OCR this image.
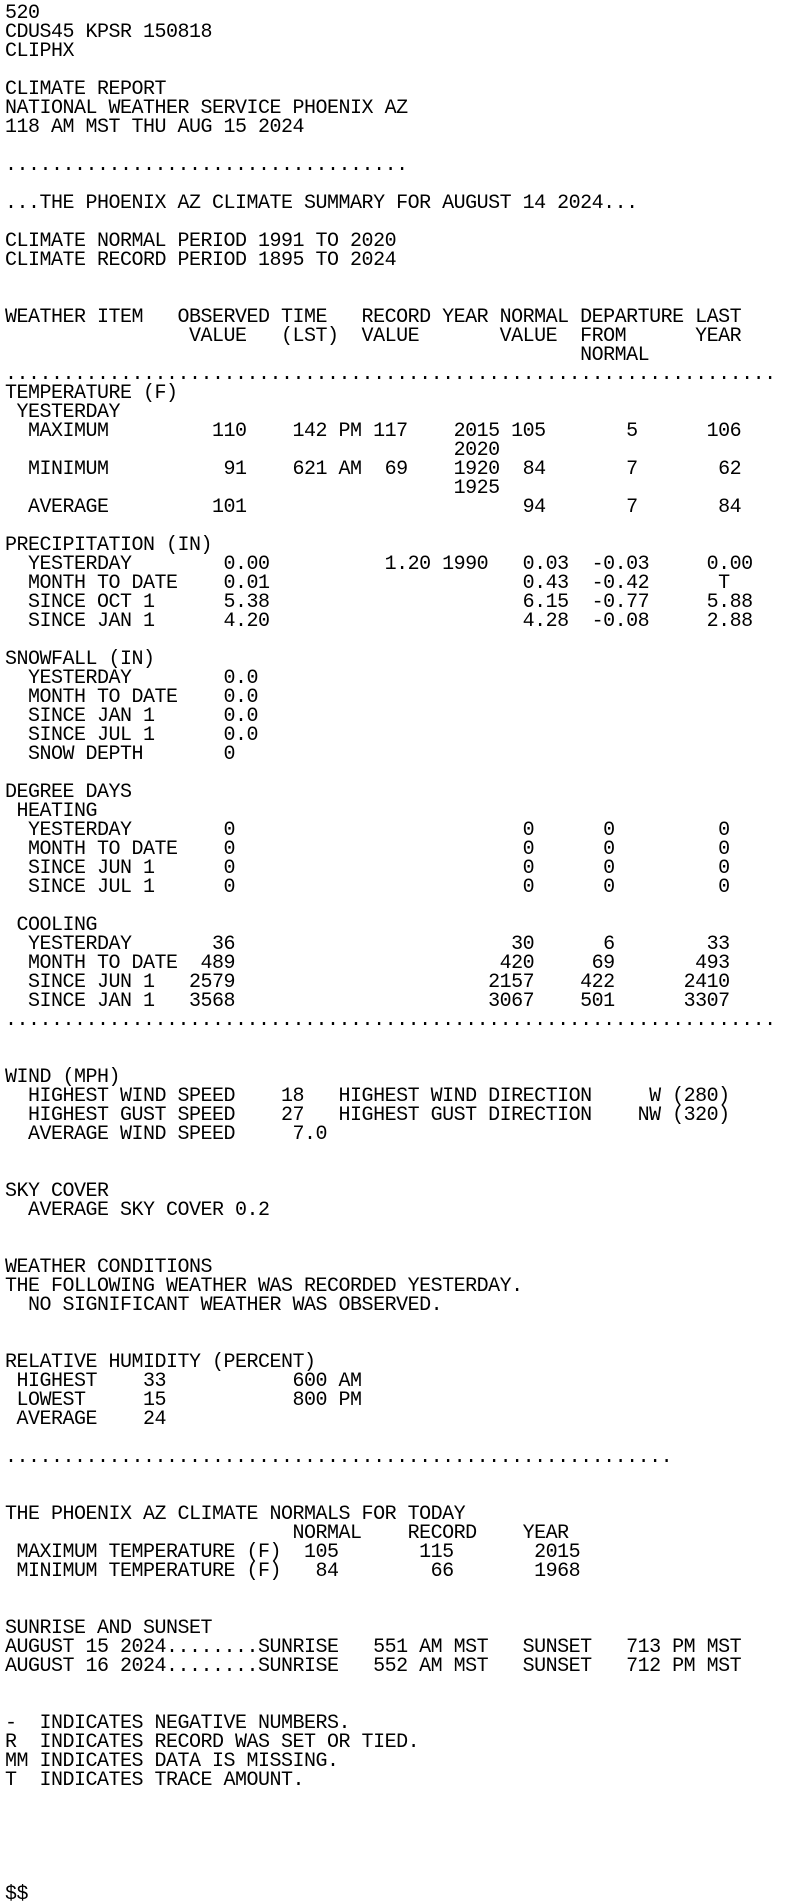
520
CDUS45 KPSR 150818
CLIPHX
CLIMATE REPORT
NATIONAL WEATHER SERVICE PHOENIX AZ
118 AM MST THU AUG 15 2024
...................................
...THE PHOENIX AZ CLIMATE SUMMARY FOR AUGUST 14 2024...
CLIMATE NORMAL PERIOD 1991 TO 2020
CLIMATE RECORD PERIOD 1895 TO 2024
WEATHER ITEM   OBSERVED TIME   RECORD YEAR NORMAL DEPARTURE LAST
VALUE   (LST)  VALUE       VALUE  FROM      YEAR
NORMAL
...................................................................
TEMPERATURE (F)
YESTERDAY
MAXIMUM         110    142 PM 117    2015 105       5      106
2020
MINIMUM          91    621 AM  69    1920  84       7       62
1925
AVERAGE         101                        94       7       84
PRECIPITATION (IN)
YESTERDAY        0.00          1.20 1990   0.03  -0.03     0.00
MONTH TO DATE    0.01                      0.43  -0.42      T
SINCE OCT 1      5.38                      6.15  -0.77     5.88
SINCE JAN 1      4.20                      4.28  -0.08     2.88
SNOWFALL (IN)
YESTERDAY        0.0
MONTH TO DATE    0.0
SINCE JAN 1      0.0
SINCE JUL 1      0.0
SNOW DEPTH       0
DEGREE DAYS
HEATING
YESTERDAY        0                         0      0         0
MONTH TO DATE    0                         0      0         0
SINCE JUN 1      0                         0      0         0
SINCE JUL 1      0                         0      0         0
COOLING
YESTERDAY       36                        30      6        33
MONTH TO DATE  489                       420     69       493
SINCE JUN 1   2579                      2157    422      2410
SINCE JAN 1   3568                      3067    501      3307
...................................................................
WIND (MPH)
HIGHEST WIND SPEED    18   HIGHEST WIND DIRECTION     W (280)
HIGHEST GUST SPEED    27   HIGHEST GUST DIRECTION    NW (320)
AVERAGE WIND SPEED     7.0
SKY COVER
AVERAGE SKY COVER 0.2
WEATHER CONDITIONS
THE FOLLOWING WEATHER WAS RECORDED YESTERDAY.
NO SIGNIFICANT WEATHER WAS OBSERVED.
RELATIVE HUMIDITY (PERCENT)
HIGHEST    33           600 AM
LOWEST     15           800 PM
AVERAGE    24
..........................................................
THE PHOENIX AZ CLIMATE NORMALS FOR TODAY
NORMAL    RECORD    YEAR
MAXIMUM TEMPERATURE (F)  105       115       2015
MINIMUM TEMPERATURE (F)   84        66       1968
SUNRISE AND SUNSET
AUGUST 15 2024........SUNRISE   551 AM MST   SUNSET   713 PM MST
AUGUST 16 2024........SUNRISE   552 AM MST   SUNSET   712 PM MST
-  INDICATES NEGATIVE NUMBERS.
R  INDICATES RECORD WAS SET OR TIED.
MM INDICATES DATA IS MISSING.
T  INDICATES TRACE AMOUNT.
$$
